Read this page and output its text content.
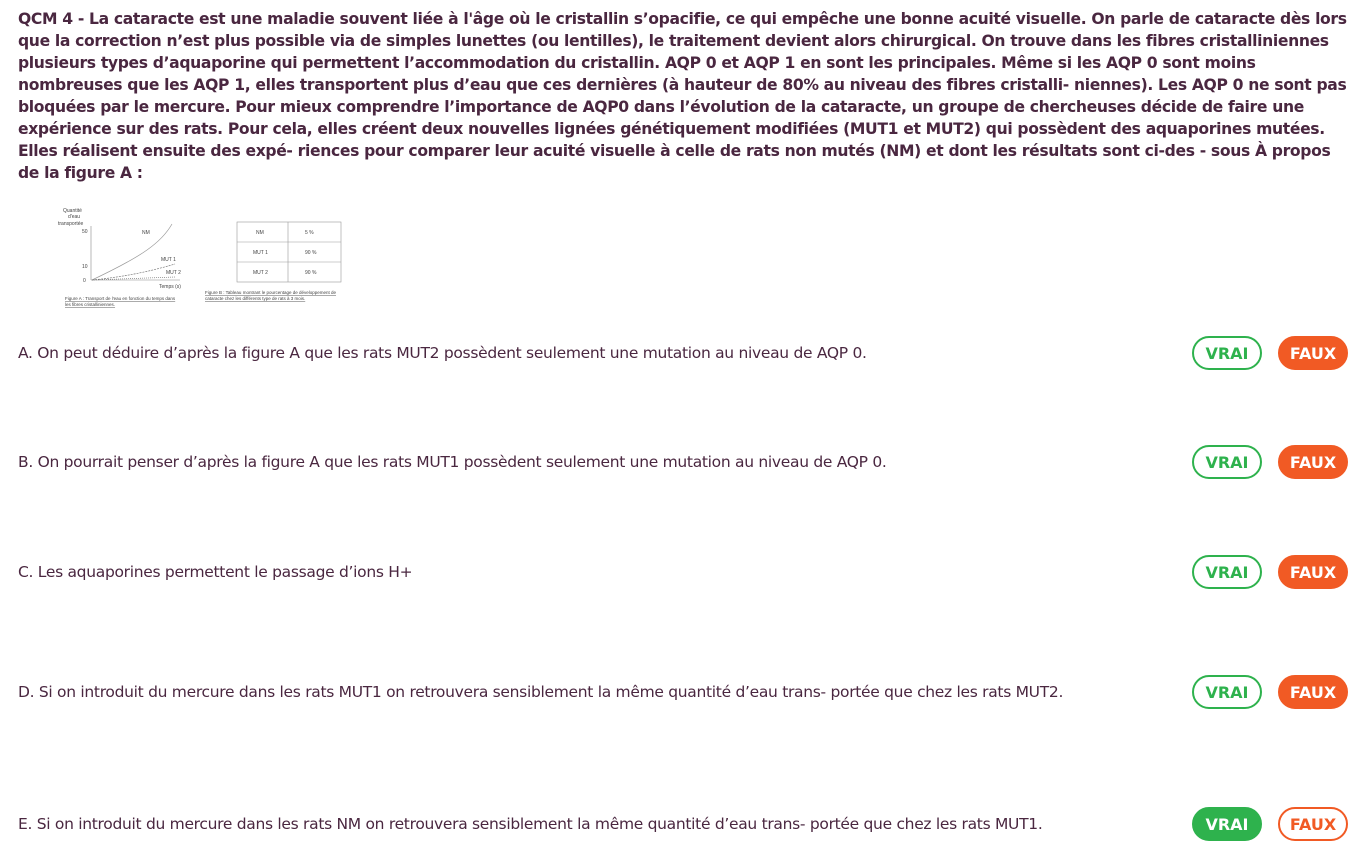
QCM 4 - La cataracte est une maladie souvent liée à l'âge où le cristallin s’opacifie, ce qui empêche une bonne acuité visuelle. On parle de cataracte dès lors que la correction n’est plus possible via de simples lunettes (ou lentilles), le traitement devient alors chirurgical. On trouve dans les fibres cristalliniennes plusieurs types d’aquaporine qui permettent l’accommodation du cristallin. AQP 0 et AQP 1 en sont les principales. Même si les AQP 0 sont moins nombreuses que les AQP 1, elles transportent plus d’eau que ces dernières (à hauteur de 80% au niveau des fibres cristalli- niennes). Les AQP 0 ne sont pas bloquées par le mercure. Pour mieux comprendre l’importance de AQP0 dans l’évolution de la cataracte, un groupe de chercheuses décide de faire une expérience sur des rats. Pour cela, elles créent deux nouvelles lignées génétiquement modifiées (MUT1 et MUT2) qui possèdent des aquaporines mutées. Elles réalisent ensuite des expé- riences pour comparer leur acuité visuelle à celle de rats non mutés (NM) et dont les résultats sont ci-des - sous À propos de la figure A :
Quantité
d'eau
transportée
50
10
0
NM
MUT 1
MUT 2
Temps (s)
Figure A : Transport de l'eau en fonction du temps dans
les fibres cristalliniennes.
NM	5 %
MUT 1	90 %
MUT 2	90 %
Figure B : Tableau montrant le pourcentage de développement de
cataracte chez les différents type de rats à 3 mois.
A. On peut déduire d’après la figure A que les rats MUT2 possèdent seulement une mutation au niveau de AQP 0.	VRAI	FAUX
B. On pourrait penser d’après la figure A que les rats MUT1 possèdent seulement une mutation au niveau de AQP 0.	VRAI	FAUX
C. Les aquaporines permettent le passage d’ions H+	VRAI	FAUX
D. Si on introduit du mercure dans les rats MUT1 on retrouvera sensiblement la même quantité d’eau trans- portée que chez les rats MUT2.	VRAI	FAUX
E. Si on introduit du mercure dans les rats NM on retrouvera sensiblement la même quantité d’eau trans- portée que chez les rats MUT1.	VRAI	FAUX
